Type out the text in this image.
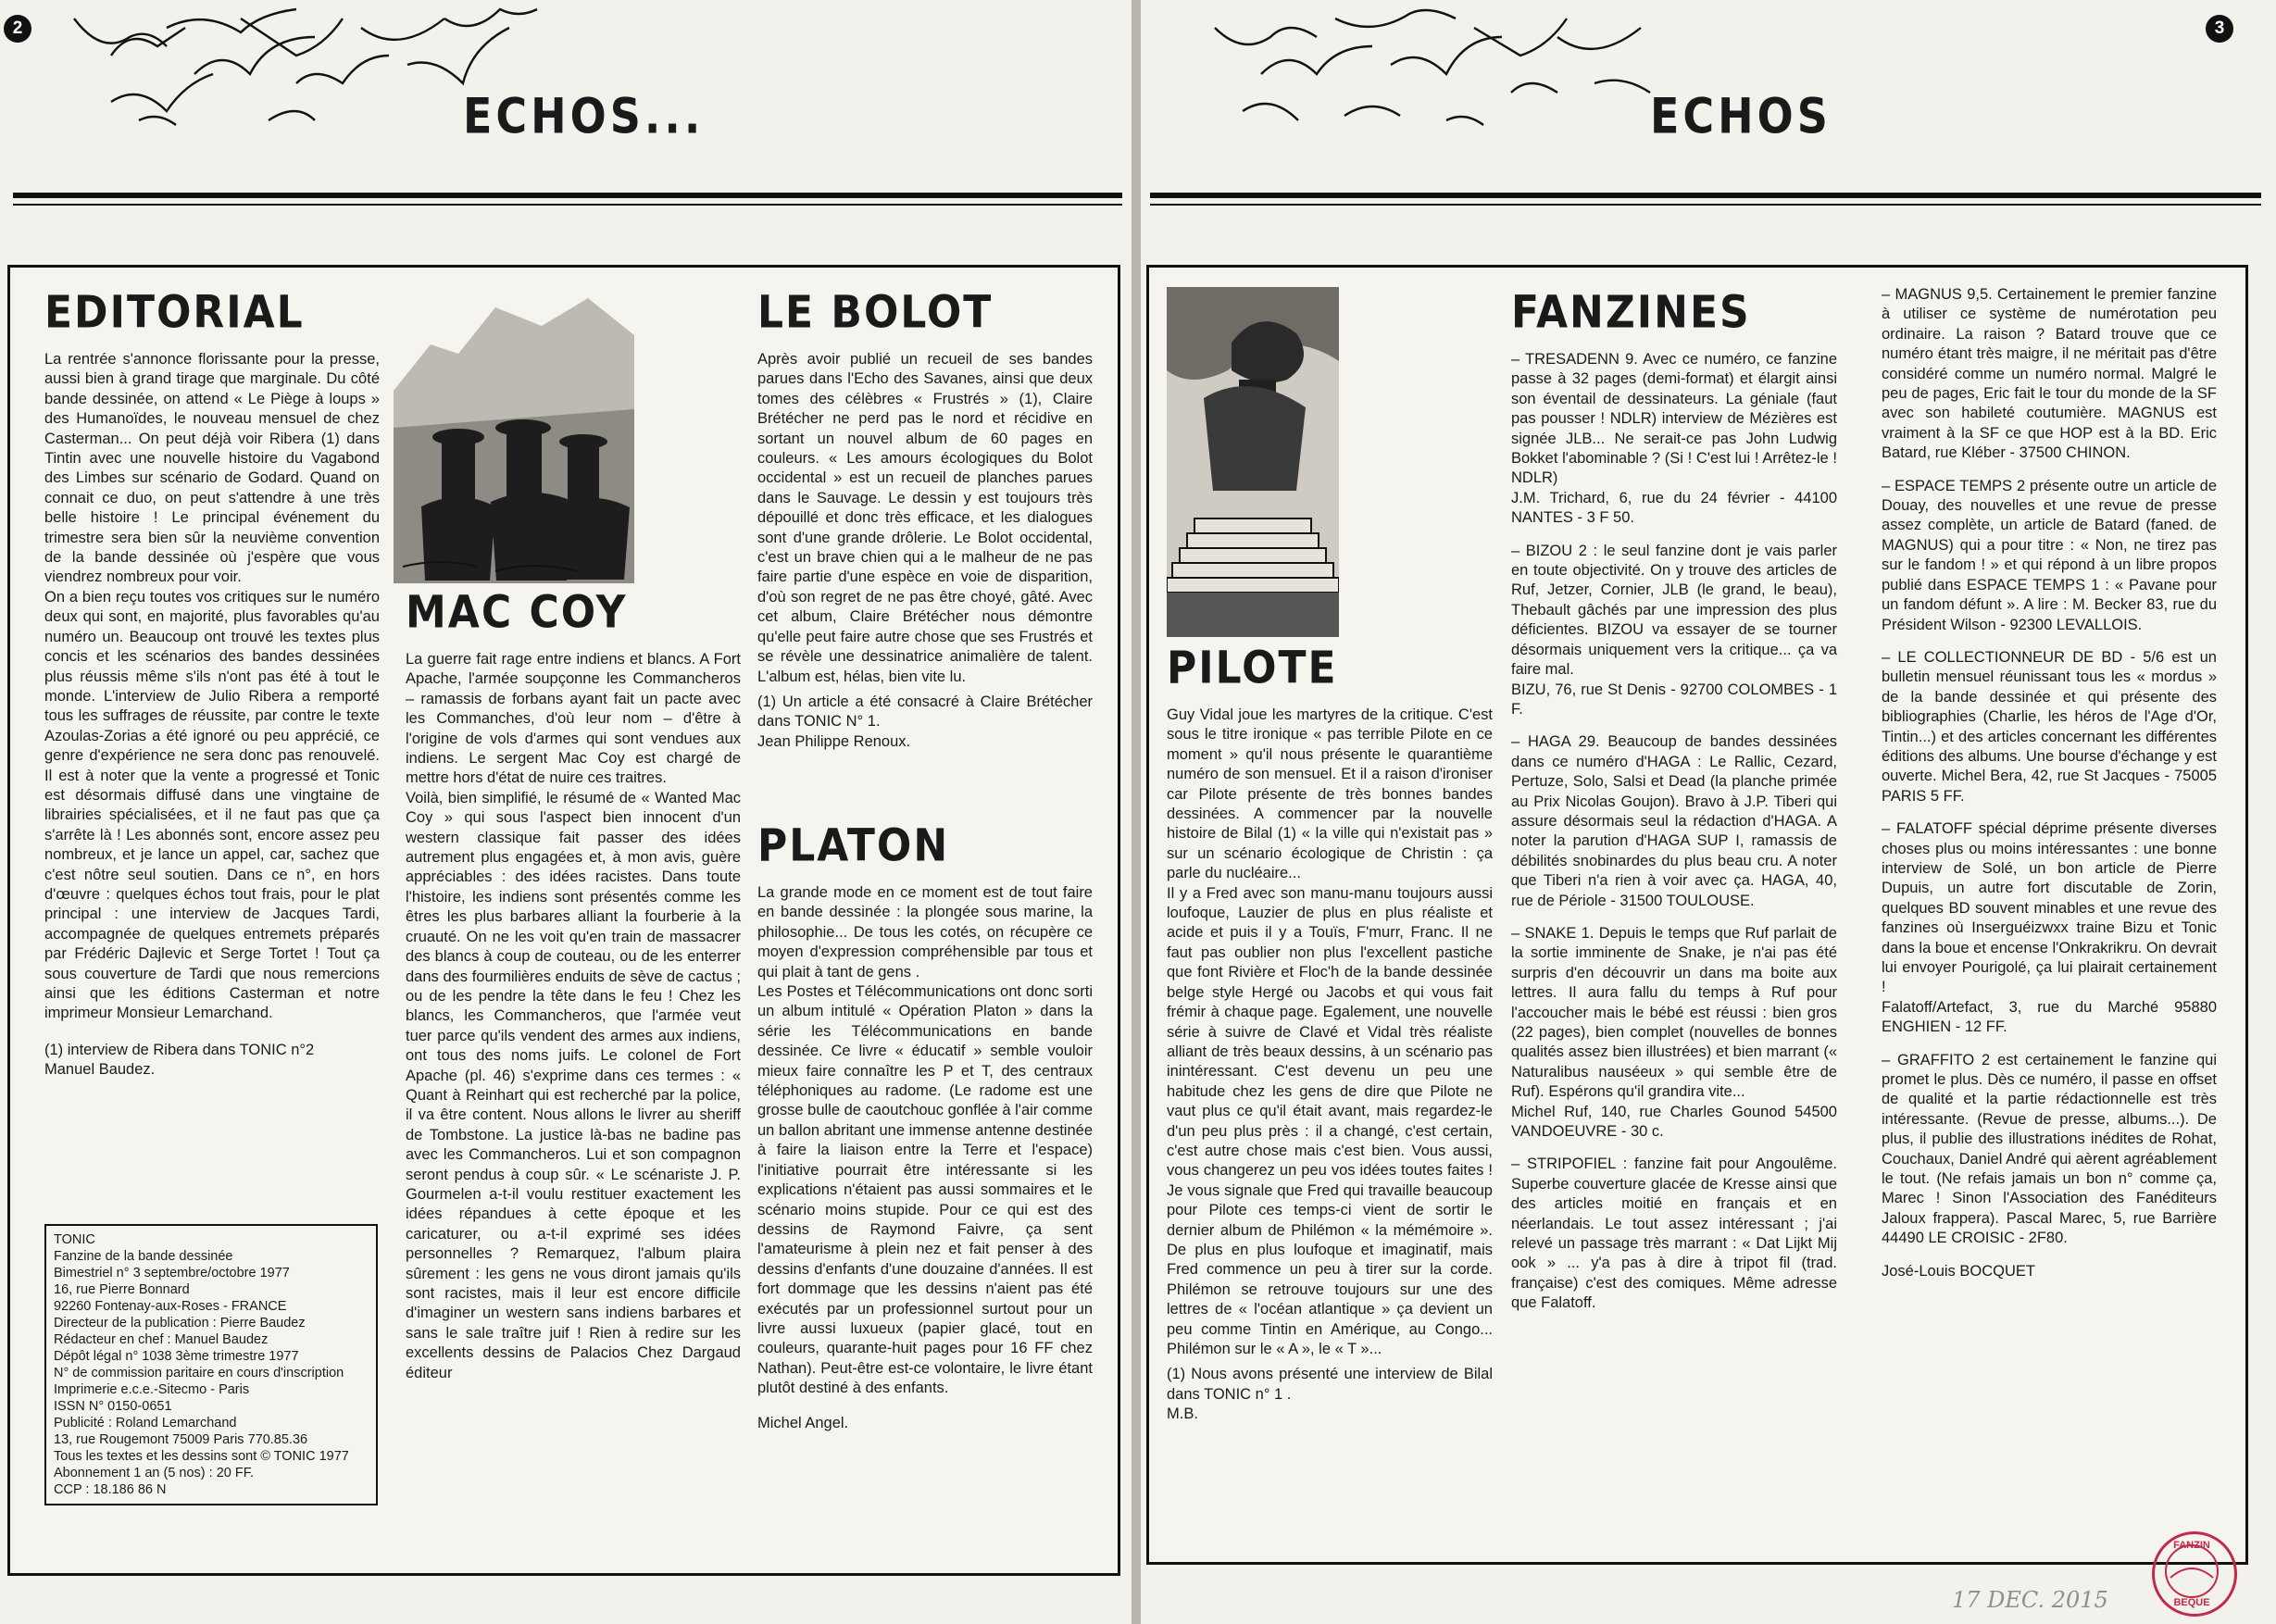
2
ECHOS...
EDITORIAL

La rentrée s'annonce florissante pour la presse, aussi bien à grand tirage que marginale. Du côté bande dessinée, on attend « Le Piège à loups » des Humanoïdes, le nouveau mensuel de chez Casterman... On peut déjà voir Ribera (1) dans Tintin avec une nouvelle histoire du Vagabond des Limbes sur scénario de Godard. Quand on connait ce duo, on peut s'attendre à une très belle histoire ! Le principal événement du trimestre sera bien sûr la neuvième convention de la bande dessinée où j'espère que vous viendrez nombreux pour voir.
On a bien reçu toutes vos critiques sur le numéro deux qui sont, en majorité, plus favorables qu'au numéro un. Beaucoup ont trouvé les textes plus concis et les scénarios des bandes dessinées plus réussis même s'ils n'ont pas été à tout le monde. L'interview de Julio Ribera a remporté tous les suffrages de réussite, par contre le texte Azoulas-Zorias a été ignoré ou peu apprécié, ce genre d'expérience ne sera donc pas renouvelé. Il est à noter que la vente a progressé et Tonic est désormais diffusé dans une vingtaine de librairies spécialisées, et il ne faut pas que ça s'arrête là ! Les abonnés sont, encore assez peu nombreux, et je lance un appel, car, sachez que c'est nôtre seul soutien. Dans ce n°, en hors d'œuvre : quelques échos tout frais, pour le plat principal : une interview de Jacques Tardi, accompagnée de quelques entremets préparés par Frédéric Dajlevic et Serge Tortet ! Tout ça sous couverture de Tardi que nous remercions ainsi que les éditions Casterman et notre imprimeur Monsieur Lemarchand.

(1) interview de Ribera dans TONIC n°2

Manuel Baudez.

TONIC
Fanzine de la bande dessinée
Bimestriel n° 3 septembre/octobre 1977
16, rue Pierre Bonnard
92260 Fontenay-aux-Roses - FRANCE
Directeur de la publication : Pierre Baudez
Rédacteur en chef : Manuel Baudez
Dépôt légal n° 1038 3ème trimestre 1977
N° de commission paritaire en cours d'inscription
Imprimerie e.c.e.-Sitecmo - Paris
ISSN N° 0150-0651
Publicité : Roland Lemarchand
13, rue Rougemont 75009 Paris 770.85.36
Tous les textes et les dessins sont © TONIC 1977
Abonnement 1 an (5 nos) : 20 FF.
CCP : 18.186 86 N
MAC COY

La guerre fait rage entre indiens et blancs. A Fort Apache, l'armée soupçonne les Commancheros – ramassis de forbans ayant fait un pacte avec les Commanches, d'où leur nom – d'être à l'origine de vols d'armes qui sont vendues aux indiens. Le sergent Mac Coy est chargé de mettre hors d'état de nuire ces traitres.
Voilà, bien simplifié, le résumé de « Wanted Mac Coy » qui sous l'aspect bien innocent d'un western classique fait passer des idées autrement plus engagées et, à mon avis, guère appréciables : des idées racistes. Dans toute l'histoire, les indiens sont présentés comme les êtres les plus barbares alliant la fourberie à la cruauté. On ne les voit qu'en train de massacrer des blancs à coup de couteau, ou de les enterrer dans des fourmilières enduits de sève de cactus ; ou de les pendre la tête dans le feu ! Chez les blancs, les Commancheros, que l'armée veut tuer parce qu'ils vendent des armes aux indiens, ont tous des noms juifs. Le colonel de Fort Apache (pl. 46) s'exprime dans ces termes : « Quant à Reinhart qui est recherché par la police, il va être content. Nous allons le livrer au sheriff de Tombstone. La justice là-bas ne badine pas avec les Commancheros. Lui et son compagnon seront pendus à coup sûr. « Le scénariste J. P. Gourmelen a-t-il voulu restituer exactement les idées répandues à cette époque et les caricaturer, ou a-t-il exprimé ses idées personnelles ? Remarquez, l'album plaira sûrement : les gens ne vous diront jamais qu'ils sont racistes, mais il leur est encore difficile d'imaginer un western sans indiens barbares et sans le sale traître juif ! Rien à redire sur les excellents dessins de Palacios Chez Dargaud éditeur

LE BOLOT

Après avoir publié un recueil de ses bandes parues dans l'Echo des Savanes, ainsi que deux tomes des célèbres « Frustrés » (1), Claire Brétécher ne perd pas le nord et récidive en sortant un nouvel album de 60 pages en couleurs. « Les amours écologiques du Bolot occidental » est un recueil de planches parues dans le Sauvage. Le dessin y est toujours très dépouillé et donc très efficace, et les dialogues sont d'une grande drôlerie. Le Bolot occidental, c'est un brave chien qui a le malheur de ne pas faire partie d'une espèce en voie de disparition, d'où son regret de ne pas être choyé, gâté. Avec cet album, Claire Brétécher nous démontre qu'elle peut faire autre chose que ses Frustrés et se révèle une dessinatrice animalière de talent. L'album est, hélas, bien vite lu.

(1) Un article a été consacré à Claire Brétécher dans TONIC N° 1.

Jean Philippe Renoux.

PLATON

La grande mode en ce moment est de tout faire en bande dessinée : la plongée sous marine, la philosophie... De tous les cotés, on récupère ce moyen d'expression compréhensible par tous et qui plait à tant de gens .
Les Postes et Télécommunications ont donc sorti un album intitulé « Opération Platon » dans la série les Télécommunications en bande dessinée. Ce livre « éducatif » semble vouloir mieux faire connaître les P et T, des centraux téléphoniques au radome. (Le radome est une grosse bulle de caoutchouc gonflée à l'air comme un ballon abritant une immense antenne destinée à faire la liaison entre la Terre et l'espace) l'initiative pourrait être intéressante si les explications n'étaient pas aussi sommaires et le scénario moins stupide. Pour ce qui est des dessins de Raymond Faivre, ça sent l'amateurisme à plein nez et fait penser à des dessins d'enfants d'une douzaine d'années. Il est fort dommage que les dessins n'aient pas été exécutés par un professionnel surtout pour un livre aussi luxueux (papier glacé, tout en couleurs, quarante-huit pages pour 16 FF chez Nathan). Peut-être est-ce volontaire, le livre étant plutôt destiné à des enfants.

Michel Angel.

3
ECHOS
PILOTE

Guy Vidal joue les martyres de la critique. C'est sous le titre ironique « pas terrible Pilote en ce moment » qu'il nous présente le quarantième numéro de son mensuel. Et il a raison d'ironiser car Pilote présente de très bonnes bandes dessinées. A commencer par la nouvelle histoire de Bilal (1) « la ville qui n'existait pas » sur un scénario écologique de Christin : ça parle du nucléaire...
Il y a Fred avec son manu-manu toujours aussi loufoque, Lauzier de plus en plus réaliste et acide et puis il y a Touïs, F'murr, Franc. Il ne faut pas oublier non plus l'excellent pastiche que font Rivière et Floc'h de la bande dessinée belge style Hergé ou Jacobs et qui vous fait frémir à chaque page. Egalement, une nouvelle série à suivre de Clavé et Vidal très réaliste alliant de très beaux dessins, à un scénario pas inintéressant. C'est devenu un peu une habitude chez les gens de dire que Pilote ne vaut plus ce qu'il était avant, mais regardez-le d'un peu plus près : il a changé, c'est certain, c'est autre chose mais c'est bien. Vous aussi, vous changerez un peu vos idées toutes faites ! Je vous signale que Fred qui travaille beaucoup pour Pilote ces temps-ci vient de sortir le dernier album de Philémon « la mémémoire ». De plus en plus loufoque et imaginatif, mais Fred commence un peu à tirer sur la corde. Philémon se retrouve toujours sur une des lettres de « l'océan atlantique » ça devient un peu comme Tintin en Amérique, au Congo... Philémon sur le « A », le « T »...

(1) Nous avons présenté une interview de Bilal dans TONIC n° 1 .

M.B.

FANZINES

– TRESADENN 9. Avec ce numéro, ce fanzine passe à 32 pages (demi-format) et élargit ainsi son éventail de dessinateurs. La géniale (faut pas pousser ! NDLR) interview de Mézières est signée JLB... Ne serait-ce pas John Ludwig Bokket l'abominable ? (Si ! C'est lui ! Arrêtez-le ! NDLR)
J.M. Trichard, 6, rue du 24 février - 44100 NANTES - 3 F 50.

– BIZOU 2 : le seul fanzine dont je vais parler en toute objectivité. On y trouve des articles de Ruf, Jetzer, Cornier, JLB (le grand, le beau), Thebault gâchés par une impression des plus déficientes. BIZOU va essayer de se tourner désormais uniquement vers la critique... ça va faire mal.
BIZU, 76, rue St Denis - 92700 COLOMBES - 1 F.

– HAGA 29. Beaucoup de bandes dessinées dans ce numéro d'HAGA : Le Rallic, Cezard, Pertuze, Solo, Salsi et Dead (la planche primée au Prix Nicolas Goujon). Bravo à J.P. Tiberi qui assure désormais seul la rédaction d'HAGA. A noter la parution d'HAGA SUP I, ramassis de débilités snobinardes du plus beau cru. A noter que Tiberi n'a rien à voir avec ça. HAGA, 40, rue de Périole - 31500 TOULOUSE.

– SNAKE 1. Depuis le temps que Ruf parlait de la sortie imminente de Snake, je n'ai pas été surpris d'en découvrir un dans ma boite aux lettres. Il aura fallu du temps à Ruf pour l'accoucher mais le bébé est réussi : bien gros (22 pages), bien complet (nouvelles de bonnes qualités assez bien illustrées) et bien marrant (« Naturalibus nauséeux » qui semble être de Ruf). Espérons qu'il grandira vite...
Michel Ruf, 140, rue Charles Gounod 54500 VANDOEUVRE - 30 c.

– STRIPOFIEL : fanzine fait pour Angoulême. Superbe couverture glacée de Kresse ainsi que des articles moitié en français et en néerlandais. Le tout assez intéressant ; j'ai relevé un passage très marrant : « Dat Lijkt Mij ook » ... y'a pas à dire à tripot fil (trad. française) c'est des comiques. Même adresse que Falatoff.

– MAGNUS 9,5. Certainement le premier fanzine à utiliser ce système de numérotation peu ordinaire. La raison ? Batard trouve que ce numéro étant très maigre, il ne méritait pas d'être considéré comme un numéro normal. Malgré le peu de pages, Eric fait le tour du monde de la SF avec son habileté coutumière. MAGNUS est vraiment à la SF ce que HOP est à la BD. Eric Batard, rue Kléber - 37500 CHINON.

– ESPACE TEMPS 2 présente outre un article de Douay, des nouvelles et une revue de presse assez complète, un article de Batard (faned. de MAGNUS) qui a pour titre : « Non, ne tirez pas sur le fandom ! » et qui répond à un libre propos publié dans ESPACE TEMPS 1 : « Pavane pour un fandom défunt ». A lire : M. Becker 83, rue du Président Wilson - 92300 LEVALLOIS.

– LE COLLECTIONNEUR DE BD - 5/6 est un bulletin mensuel réunissant tous les « mordus » de la bande dessinée et qui présente des bibliographies (Charlie, les héros de l'Age d'Or, Tintin...) et des articles concernant les différentes éditions des albums. Une bourse d'échange y est ouverte. Michel Bera, 42, rue St Jacques - 75005 PARIS 5 FF.

– FALATOFF spécial déprime présente diverses choses plus ou moins intéressantes : une bonne interview de Solé, un bon article de Pierre Dupuis, un autre fort discutable de Zorin, quelques BD souvent minables et une revue des fanzines où Inserguéizwxx traine Bizu et Tonic dans la boue et encense l'Onkrakrikru. On devrait lui envoyer Pourigolé, ça lui plairait certainement !
Falatoff/Artefact, 3, rue du Marché 95880 ENGHIEN - 12 FF.

– GRAFFITO 2 est certainement le fanzine qui promet le plus. Dès ce numéro, il passe en offset de qualité et la partie rédactionnelle est très intéressante. (Revue de presse, albums...). De plus, il publie des illustrations inédites de Rohat, Couchaux, Daniel André qui aèrent agréablement le tout. (Ne refais jamais un bon n° comme ça, Marec ! Sinon l'Association des Fanéditeurs Jaloux frappera). Pascal Marec, 5, rue Barrière 44490 LE CROISIC - 2F80.

José-Louis BOCQUET

FANZIN
BEQUE
17 DEC. 2015
